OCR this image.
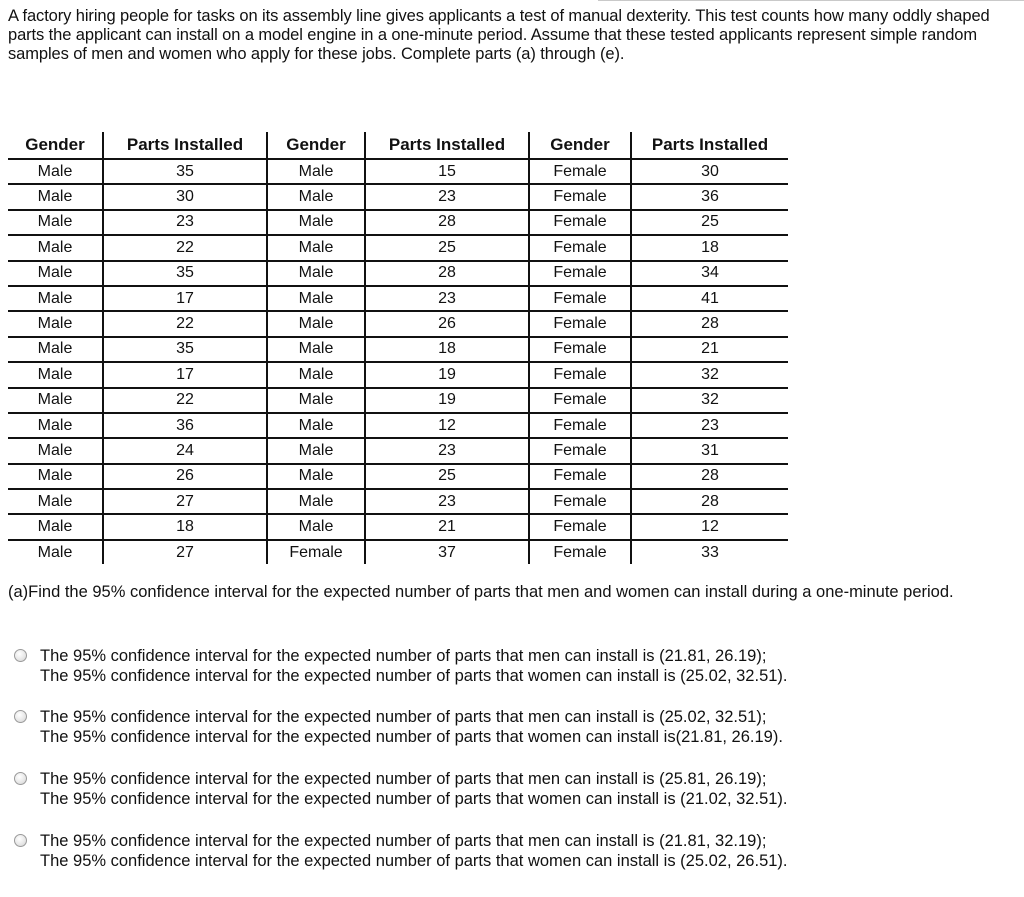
A factory hiring people for tasks on its assembly line gives applicants a test of manual dexterity. This test counts how many oddly shaped parts the applicant can install on a model engine in a one-minute period. Assume that these tested applicants represent simple random samples of men and women who apply for these jobs. Complete parts (a) through (e).
Gender	Parts Installed	Gender	Parts Installed	Gender	Parts Installed
Male	35	Male	15	Female	30
Male	30	Male	23	Female	36
Male	23	Male	28	Female	25
Male	22	Male	25	Female	18
Male	35	Male	28	Female	34
Male	17	Male	23	Female	41
Male	22	Male	26	Female	28
Male	35	Male	18	Female	21
Male	17	Male	19	Female	32
Male	22	Male	19	Female	32
Male	36	Male	12	Female	23
Male	24	Male	23	Female	31
Male	26	Male	25	Female	28
Male	27	Male	23	Female	28
Male	18	Male	21	Female	12
Male	27	Female	37	Female	33
(a)Find the 95% confidence interval for the expected number of parts that men and women can install during a one-minute period.
The 95% confidence interval for the expected number of parts that men can install is (21.81, 26.19);
The 95% confidence interval for the expected number of parts that women can install is (25.02, 32.51).
The 95% confidence interval for the expected number of parts that men can install is (25.02, 32.51);
The 95% confidence interval for the expected number of parts that women can install is(21.81, 26.19).
The 95% confidence interval for the expected number of parts that men can install is (25.81, 26.19);
The 95% confidence interval for the expected number of parts that women can install is (21.02, 32.51).
The 95% confidence interval for the expected number of parts that men can install is (21.81, 32.19);
The 95% confidence interval for the expected number of parts that women can install is (25.02, 26.51).
